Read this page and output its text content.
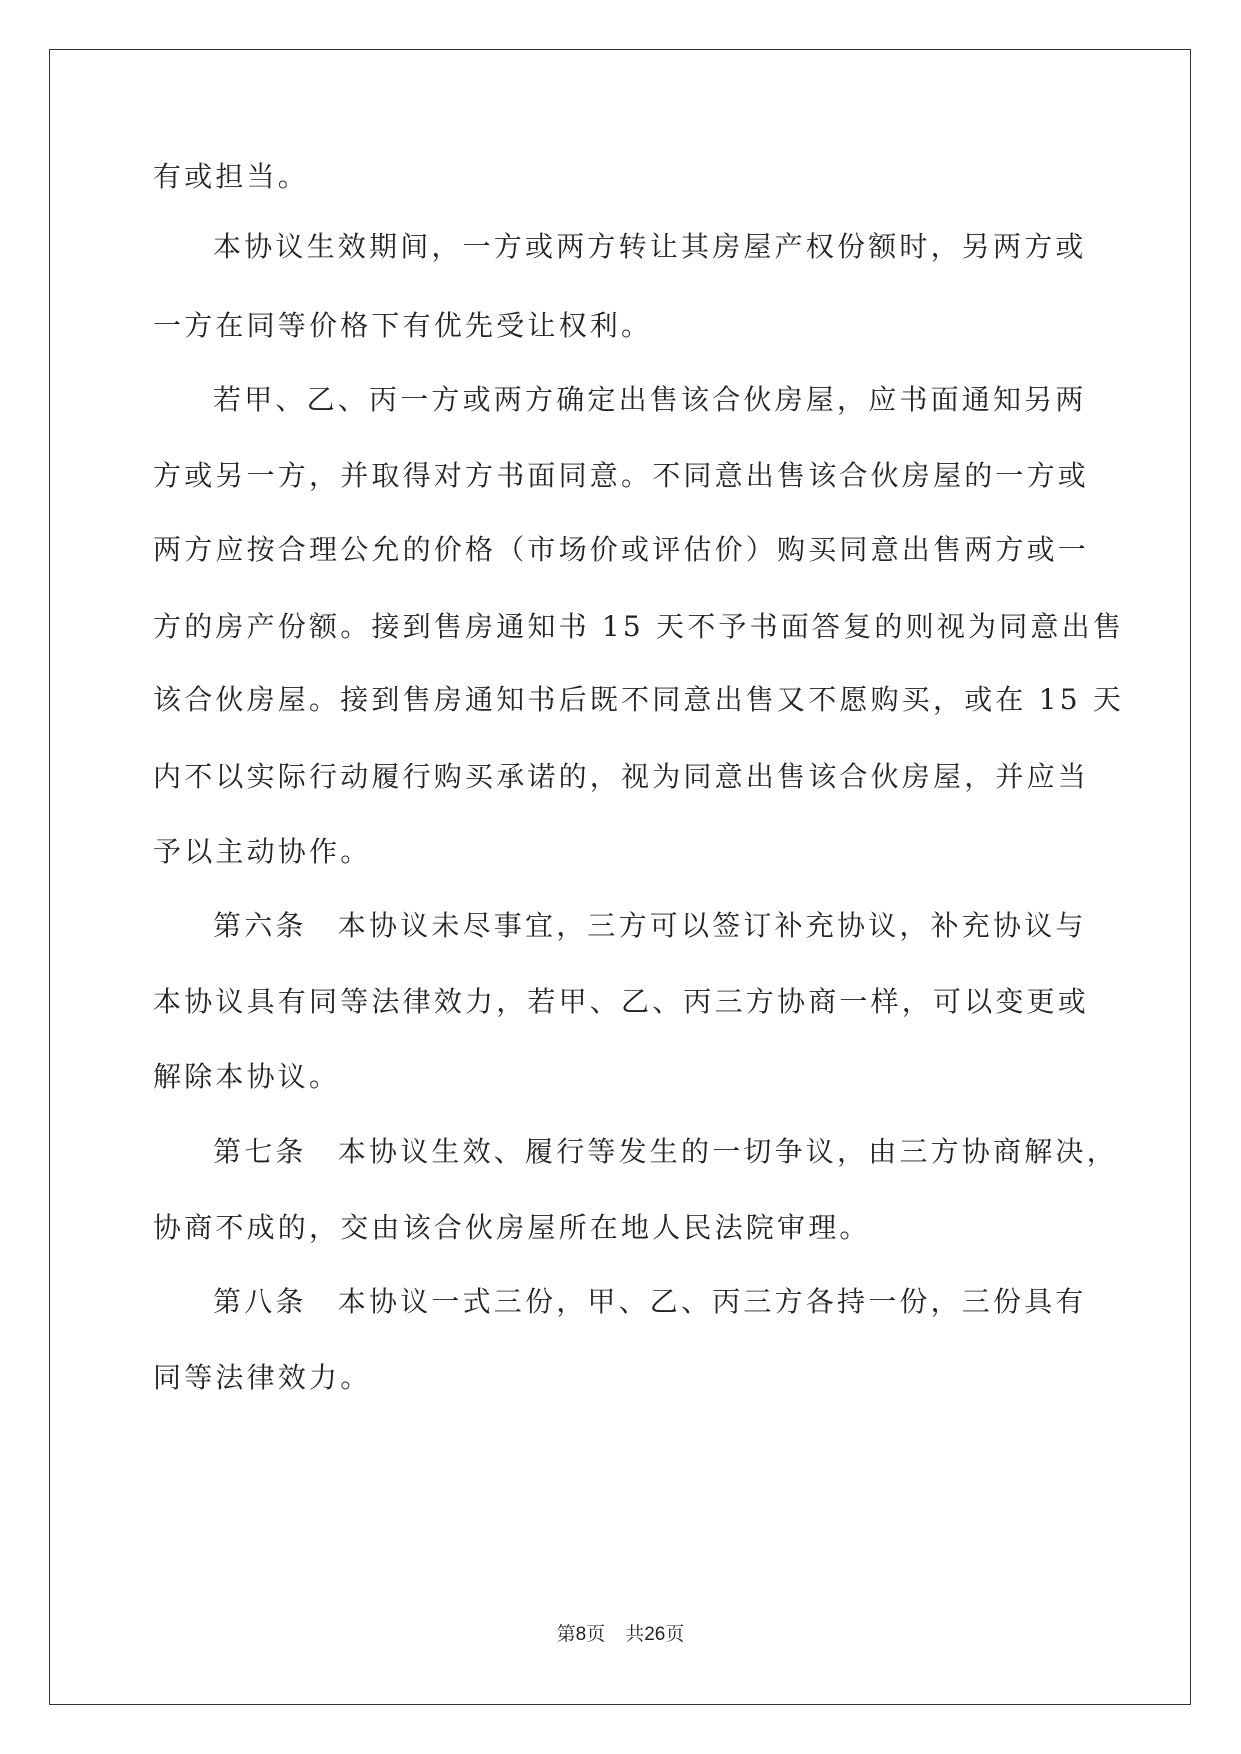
有或担当。
本协议生效期间，一方或两方转让其房屋产权份额时，另两方或
一方在同等价格下有优先受让权利。
若甲、乙、丙一方或两方确定出售该合伙房屋，应书面通知另两
方或另一方，并取得对方书面同意。不同意出售该合伙房屋的一方或
两方应按合理公允的价格（市场价或评估价）购买同意出售两方或一
方的房产份额。接到售房通知书 15 天不予书面答复的则视为同意出售
该合伙房屋。接到售房通知书后既不同意出售又不愿购买，或在 15 天
内不以实际行动履行购买承诺的，视为同意出售该合伙房屋，并应当
予以主动协作。
第六条　本协议未尽事宜，三方可以签订补充协议，补充协议与
本协议具有同等法律效力，若甲、乙、丙三方协商一样，可以变更或
解除本协议。
第七条　本协议生效、履行等发生的一切争议，由三方协商解决，
协商不成的，交由该合伙房屋所在地人民法院审理。
第八条　本协议一式三份，甲、乙、丙三方各持一份，三份具有
同等法律效力。
第8页 共26页
